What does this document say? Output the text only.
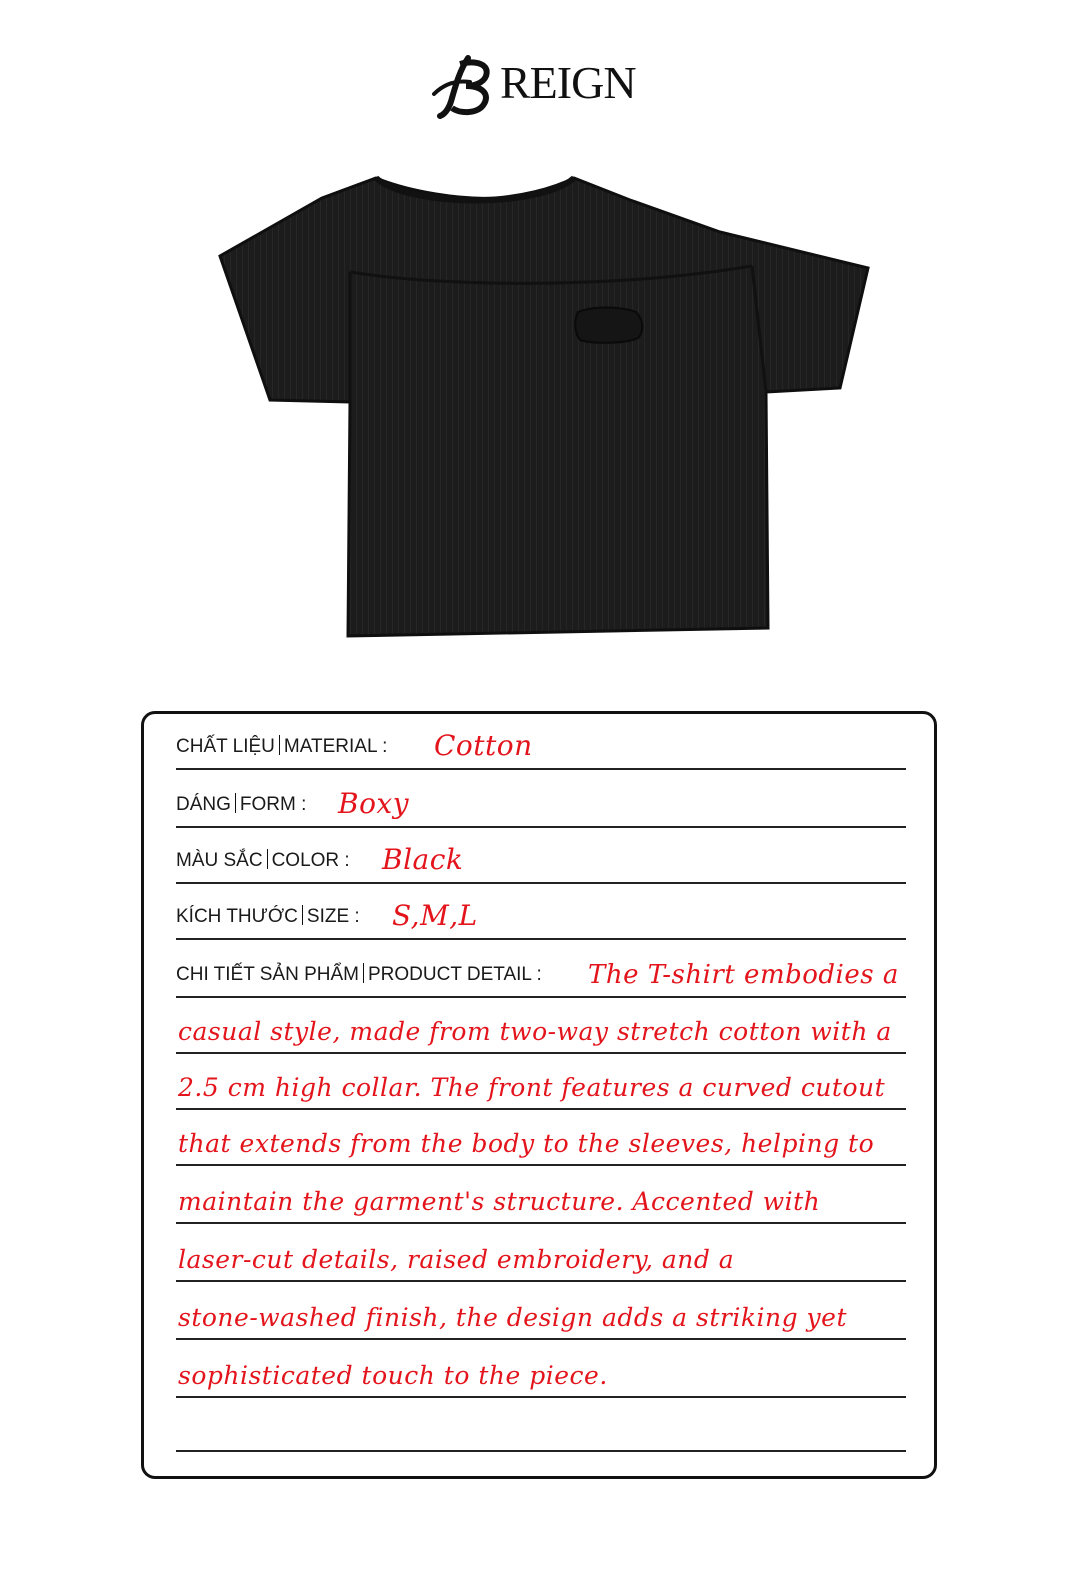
REIGN
CHẤT LIỆU MATERIAL : Cotton
DÁNG FORM : Boxy
MÀU SẮC COLOR : Black
KÍCH THƯỚC SIZE : S,M,L
CHI TIẾT SẢN PHẨM PRODUCT DETAIL : The T-shirt embodies a
casual style, made from two-way stretch cotton with a
2.5 cm high collar. The front features a curved cutout
that extends from the body to the sleeves, helping to
maintain the garment's structure. Accented with
laser-cut details, raised embroidery, and a
stone-washed finish, the design adds a striking yet
sophisticated touch to the piece.
